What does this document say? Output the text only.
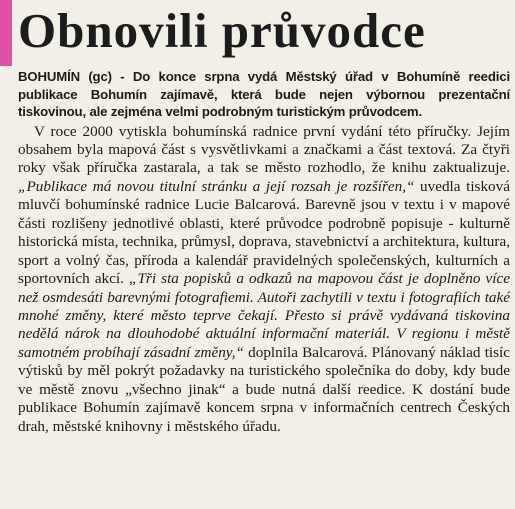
Obnovili průvodce

BOHUMÍN (gc) - Do konce srpna vydá Městský úřad v Bohumíně reedici publikace Bohumín zajímavě, která bude nejen výbornou prezentační tiskovinou, ale zejména velmi podrobným turistickým průvodcem.

V roce 2000 vytiskla bohumínská radnice první vydání této příručky. Jejím obsahem byla mapová část s vysvětlivkami a značkami a část textová. Za čtyři roky však příručka zastarala, a tak se město rozhodlo, že knihu zaktualizuje. „Publikace má novou titulní stránku a její rozsah je rozšířen,“ uvedla tisková mluvčí bohumínské radnice Lucie Balcarová. Barevně jsou v textu i v mapové části rozlišeny jednotlivé oblasti, které průvodce podrobně popisuje - kulturně historická místa, technika, průmysl, doprava, stavebnictví a architektura, kultura, sport a volný čas, příroda a kalendář pravidelných společenských, kulturních a sportovních akcí. „Tři sta popisků a odkazů na mapovou část je doplněno více než osmdesáti barevnými fotografiemi. Autoři zachytili v textu i fotografiích také mnohé změny, které město teprve čekají. Přesto si právě vydávaná tiskovina nedělá nárok na dlouhodobé aktuální informační materiál. V regionu i městě samotném probíhají zásadní změny,“ doplnila Balcarová. Plánovaný náklad tisíc výtisků by měl pokrýt požadavky na turistického společníka do doby, kdy bude ve městě znovu „všechno jinak“ a bude nutná další reedice. K dostání bude publikace Bohumín zajímavě koncem srpna v informačních centrech Českých drah, městské knihovny i městského úřadu.
